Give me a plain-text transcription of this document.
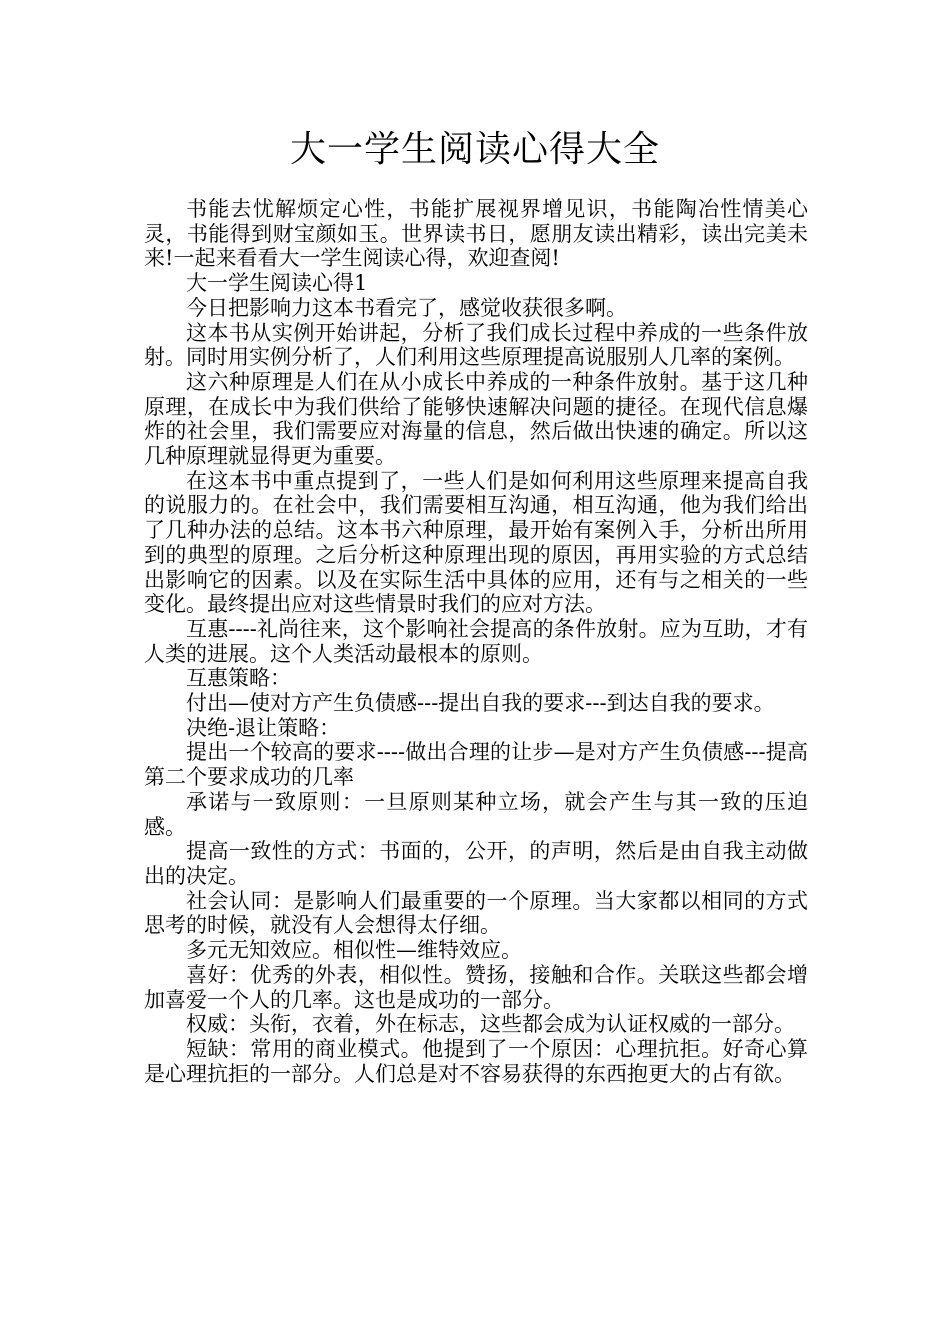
大一学生阅读心得大全

书能去忧解烦定心性，书能扩展视界增见识，书能陶冶性情美心灵，书能得到财宝颜如玉。世界读书日，愿朋友读出精彩，读出完美未来!一起来看看大一学生阅读心得，欢迎查阅!

大一学生阅读心得1

今日把影响力这本书看完了，感觉收获很多啊。

这本书从实例开始讲起，分析了我们成长过程中养成的一些条件放射。同时用实例分析了，人们利用这些原理提高说服别人几率的案例。

这六种原理是人们在从小成长中养成的一种条件放射。基于这几种原理，在成长中为我们供给了能够快速解决问题的捷径。在现代信息爆炸的社会里，我们需要应对海量的信息，然后做出快速的确定。所以这几种原理就显得更为重要。

在这本书中重点提到了，一些人们是如何利用这些原理来提高自我的说服力的。在社会中，我们需要相互沟通，相互沟通，他为我们给出了几种办法的总结。这本书六种原理，最开始有案例入手，分析出所用到的典型的原理。之后分析这种原理出现的原因，再用实验的方式总结出影响它的因素。以及在实际生活中具体的应用，还有与之相关的一些变化。最终提出应对这些情景时我们的应对方法。

互惠----礼尚往来，这个影响社会提高的条件放射。应为互助，才有人类的进展。这个人类活动最根本的原则。

互惠策略：

付出—使对方产生负债感---提出自我的要求---到达自我的要求。

决绝-退让策略：

提出一个较高的要求----做出合理的让步—是对方产生负债感---提高第二个要求成功的几率

承诺与一致原则：一旦原则某种立场，就会产生与其一致的压迫感。

提高一致性的方式：书面的，公开，的声明，然后是由自我主动做出的决定。

社会认同：是影响人们最重要的一个原理。当大家都以相同的方式思考的时候，就没有人会想得太仔细。

多元无知效应。相似性—维特效应。

喜好：优秀的外表，相似性。赞扬，接触和合作。关联这些都会增加喜爱一个人的几率。这也是成功的一部分。

权威：头衔，衣着，外在标志，这些都会成为认证权威的一部分。

短缺：常用的商业模式。他提到了一个原因：心理抗拒。好奇心算是心理抗拒的一部分。人们总是对不容易获得的东西抱更大的占有欲。
